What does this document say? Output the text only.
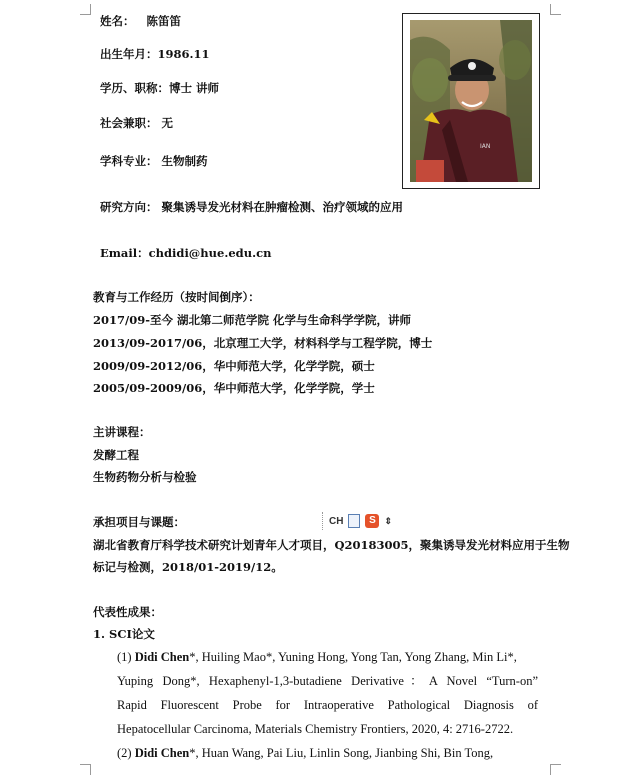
姓名： 陈笛笛
出生年月：1986.11
学历、职称：博士 讲师
社会兼职： 无
学科专业： 生物制药
研究方向： 聚集诱导发光材料在肿瘤检测、治疗领域的应用
Email：chdidi@hue.edu.cn
IAN
教育与工作经历（按时间倒序）：
2017/09-至今 湖北第二师范学院 化学与生命科学学院，讲师
2013/09-2017/06，北京理工大学，材料科学与工程学院，博士
2009/09-2012/06，华中师范大学，化学学院，硕士
2005/09-2009/06，华中师范大学，化学学院，学士
主讲课程：
发酵工程
生物药物分析与检验
承担项目与课题：	CH	S ⇕
湖北省教育厅科学技术研究计划青年人才项目，Q20183005，聚集诱导发光材料应用于生物
标记与检测，2018/01-2019/12。
代表性成果：
1. SCI论文
(1) Didi Chen*, Huiling Mao*, Yuning Hong, Yong Tan, Yong Zhang, Min Li*,
Yuping Dong*, Hexaphenyl-1,3-butadiene Derivative：A Novel “Turn-on”
Rapid Fluorescent Probe for Intraoperative Pathological Diagnosis of
Hepatocellular Carcinoma, Materials Chemistry Frontiers, 2020, 4: 2716-2722.
(2) Didi Chen*, Huan Wang, Pai Liu, Linlin Song, Jianbing Shi, Bin Tong,
